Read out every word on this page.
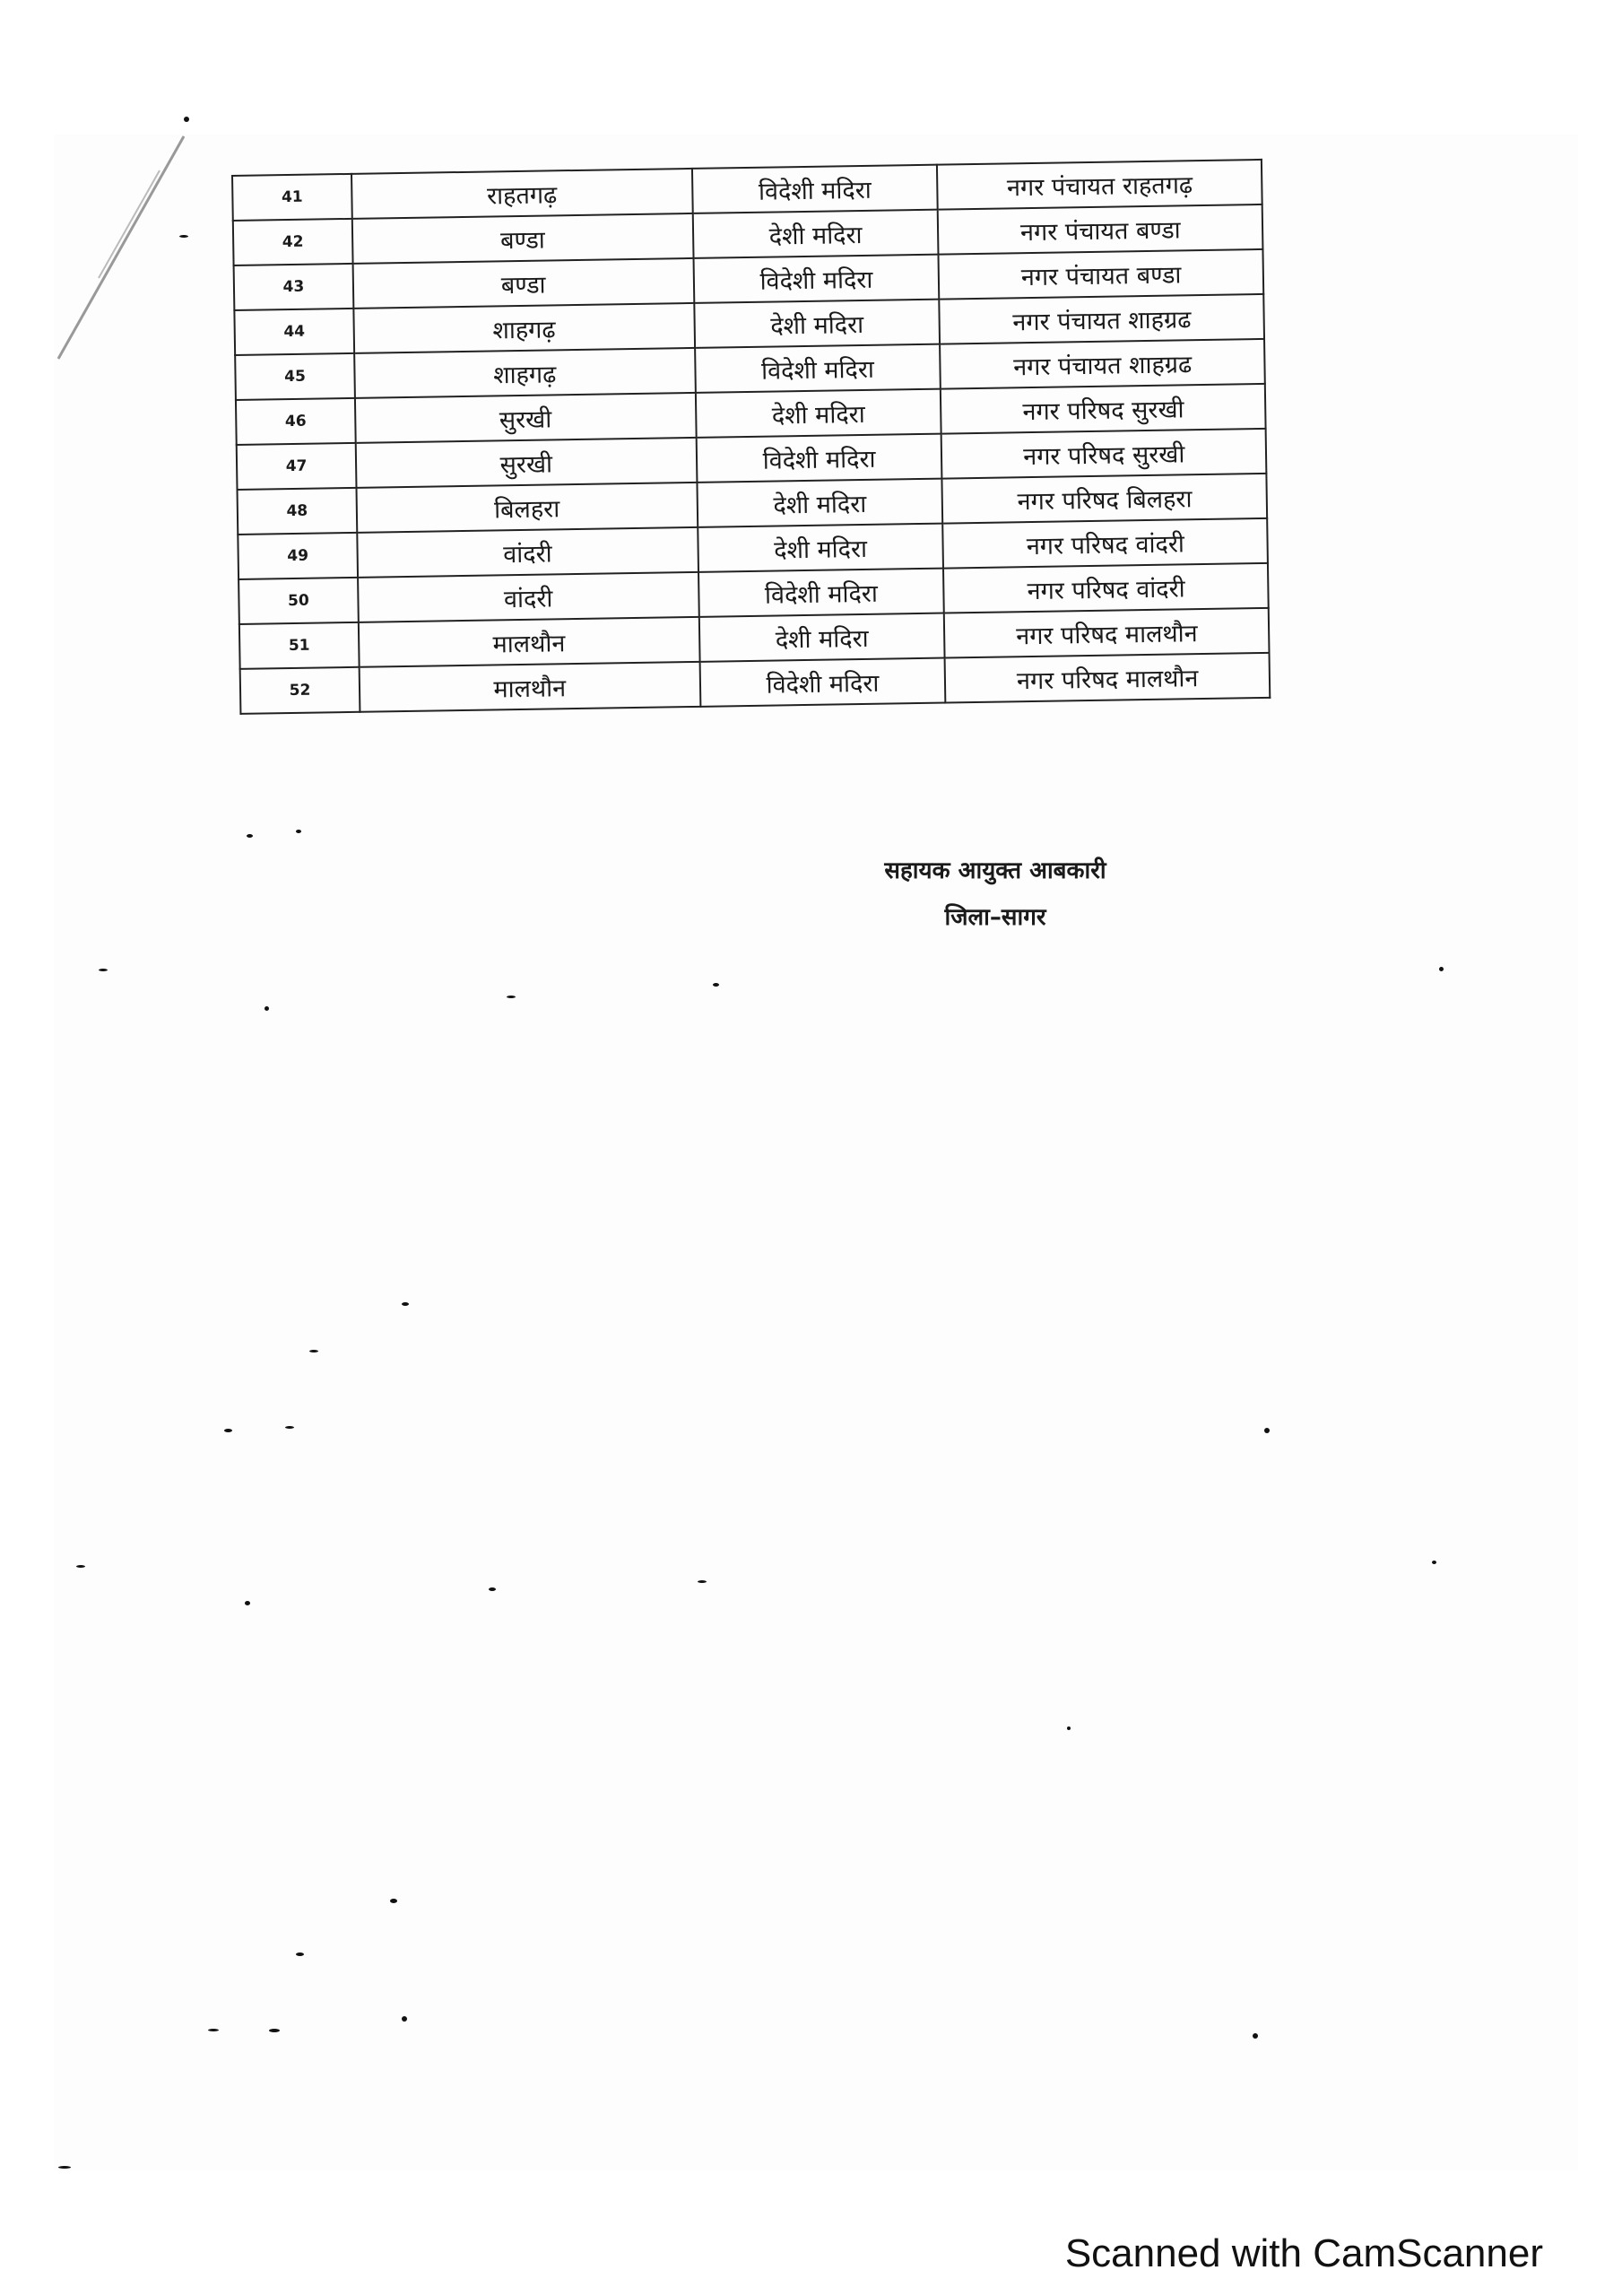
41	राहतगढ़	विदेशी मदिरा	नगर पंचायत राहतगढ़
42	बण्डा	देशी मदिरा	नगर पंचायत बण्डा
43	बण्डा	विदेशी मदिरा	नगर पंचायत बण्डा
44	शाहगढ़	देशी मदिरा	नगर पंचायत शाहग्रढ
45	शाहगढ़	विदेशी मदिरा	नगर पंचायत शाहग्रढ
46	सुरखी	देशी मदिरा	नगर परिषद सुरखी
47	सुरखी	विदेशी मदिरा	नगर परिषद सुरखी
48	बिलहरा	देशी मदिरा	नगर परिषद बिलहरा
49	वांदरी	देशी मदिरा	नगर परिषद वांदरी
50	वांदरी	विदेशी मदिरा	नगर परिषद वांदरी
51	मालथौन	देशी मदिरा	नगर परिषद मालथौन
52	मालथौन	विदेशी मदिरा	नगर परिषद मालथौन
सहायक आयुक्त आबकारी
जिला–सागर
Scanned with CamScanner
